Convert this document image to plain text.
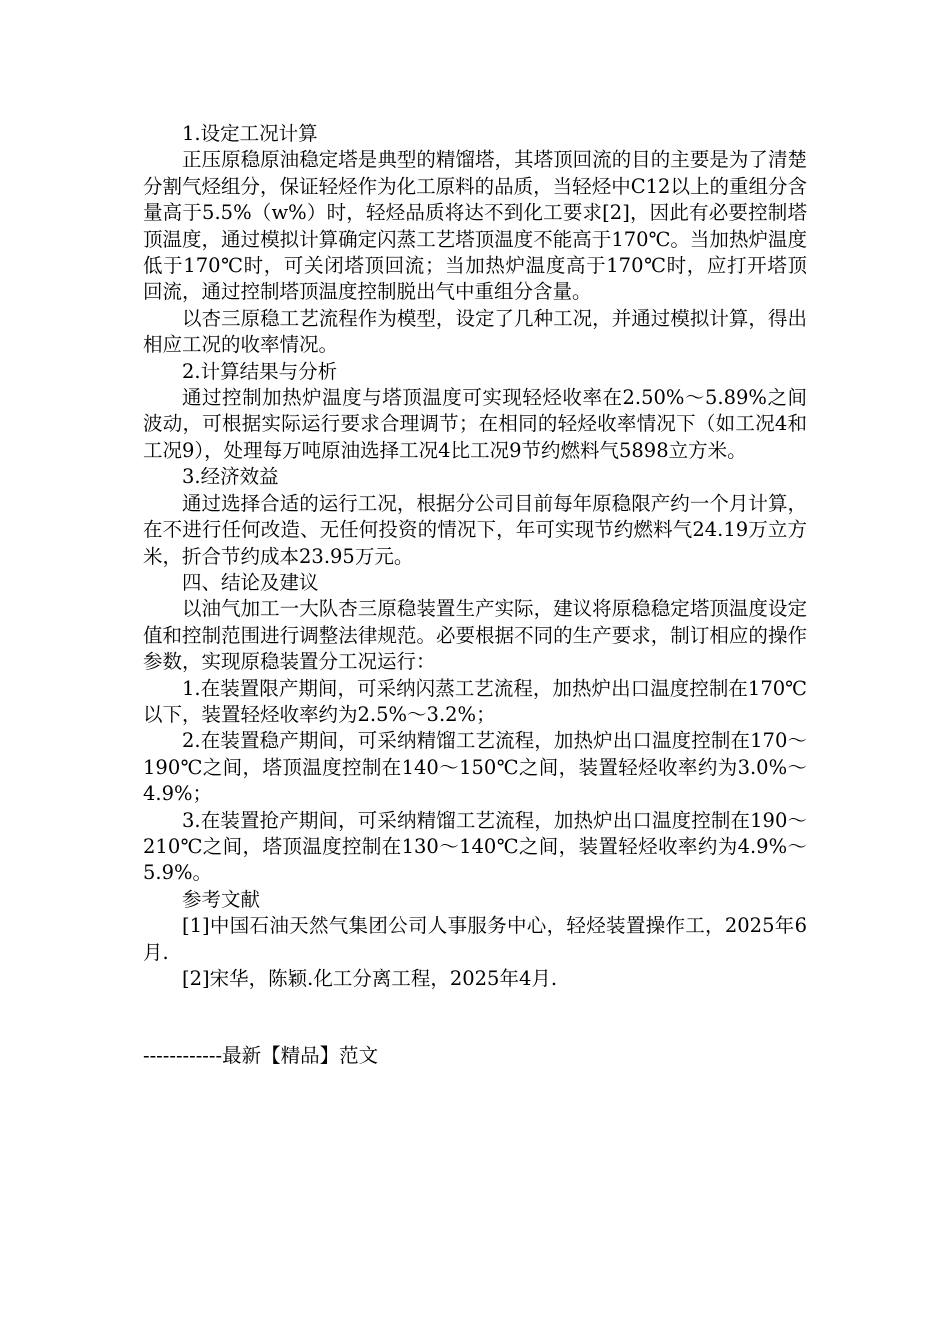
1.设定工况计算

正压原稳原油稳定塔是典型的精馏塔，其塔顶回流的目的主要是为了清楚分割气烃组分，保证轻烃作为化工原料的品质，当轻烃中C12以上的重组分含量高于5.5%（w%）时，轻烃品质将达不到化工要求[2]，因此有必要控制塔顶温度，通过模拟计算确定闪蒸工艺塔顶温度不能高于170℃。当加热炉温度低于170℃时，可关闭塔顶回流；当加热炉温度高于170℃时，应打开塔顶回流，通过控制塔顶温度控制脱出气中重组分含量。

以杏三原稳工艺流程作为模型，设定了几种工况，并通过模拟计算，得出相应工况的收率情况。

2.计算结果与分析

通过控制加热炉温度与塔顶温度可实现轻烃收率在2.50%～5.89%之间波动，可根据实际运行要求合理调节；在相同的轻烃收率情况下（如工况4和工况9），处理每万吨原油选择工况4比工况9节约燃料气5898立方米。

3.经济效益

通过选择合适的运行工况，根据分公司目前每年原稳限产约一个月计算，在不进行任何改造、无任何投资的情况下，年可实现节约燃料气24.19万立方米，折合节约成本23.95万元。

四、结论及建议

以油气加工一大队杏三原稳装置生产实际，建议将原稳稳定塔顶温度设定值和控制范围进行调整法律规范。必要根据不同的生产要求，制订相应的操作参数，实现原稳装置分工况运行：

1.在装置限产期间，可采纳闪蒸工艺流程，加热炉出口温度控制在170℃以下，装置轻烃收率约为2.5%～3.2%；

2.在装置稳产期间，可采纳精馏工艺流程，加热炉出口温度控制在170～190℃之间，塔顶温度控制在140～150℃之间，装置轻烃收率约为3.0%～4.9%；

3.在装置抢产期间，可采纳精馏工艺流程，加热炉出口温度控制在190～210℃之间，塔顶温度控制在130～140℃之间，装置轻烃收率约为4.9%～5.9%。

参考文献

[1]中国石油天然气集团公司人事服务中心，轻烃装置操作工，2025年6月.

[2]宋华，陈颖.化工分离工程，2025年4月.

------------最新【精品】范文
